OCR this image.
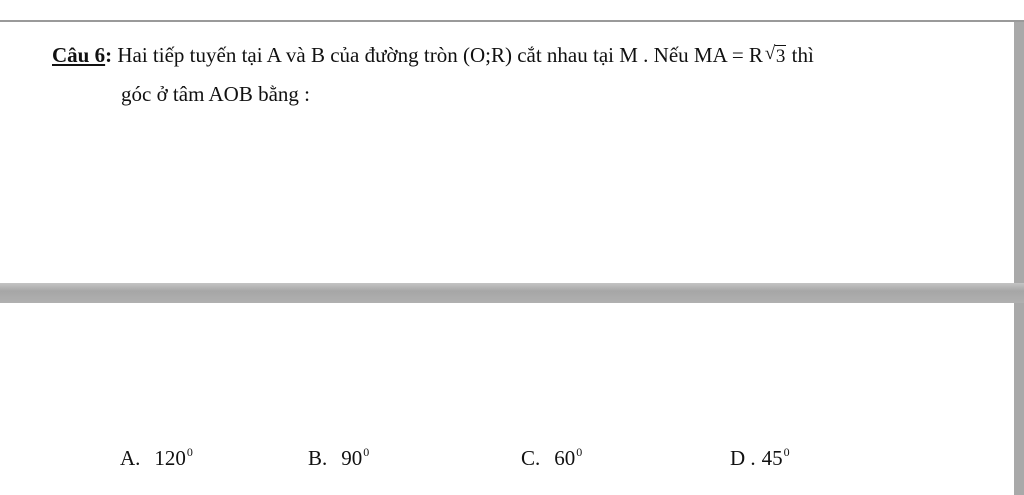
Câu 6: Hai tiếp tuyến tại A và B của đường tròn (O;R) cắt nhau tại M . Nếu MA = R √ 3 thì
góc ở tâm AOB bằng :
A. $120^0$	B. $90^0$	C. $60^0$	D . $45^0$
